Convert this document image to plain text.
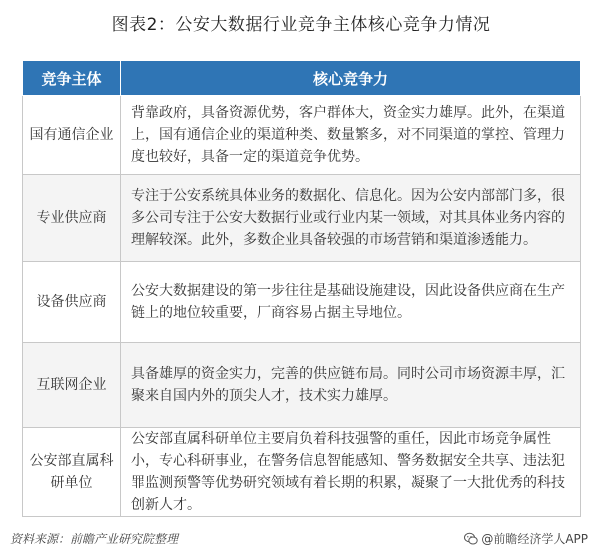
图表2：公安大数据行业竞争主体核心竞争力情况
竞争主体	核心竞争力
国有通信企业	背靠政府，具备资源优势，客户群体大，资金实力雄厚。此外，在渠道上，国有通信企业的渠道种类、数量繁多，对不同渠道的掌控、管理力度也较好，具备一定的渠道竞争优势。
专业供应商	专注于公安系统具体业务的数据化、信息化。因为公安内部部门多，很多公司专注于公安大数据行业或行业内某一领域，对其具体业务内容的理解较深。此外，多数企业具备较强的市场营销和渠道渗透能力。
设备供应商	公安大数据建设的第一步往往是基础设施建设，因此设备供应商在生产链上的地位较重要，厂商容易占据主导地位。
互联网企业	具备雄厚的资金实力，完善的供应链布局。同时公司市场资源丰厚，汇聚来自国内外的顶尖人才，技术实力雄厚。
公安部直属科研单位	公安部直属科研单位主要肩负着科技强警的重任，因此市场竞争属性小，专心科研事业，在警务信息智能感知、警务数据安全共享、违法犯罪监测预警等优势研究领域有着长期的积累，凝聚了一大批优秀的科技创新人才。
资料来源：前瞻产业研究院整理	@前瞻经济学人APP
